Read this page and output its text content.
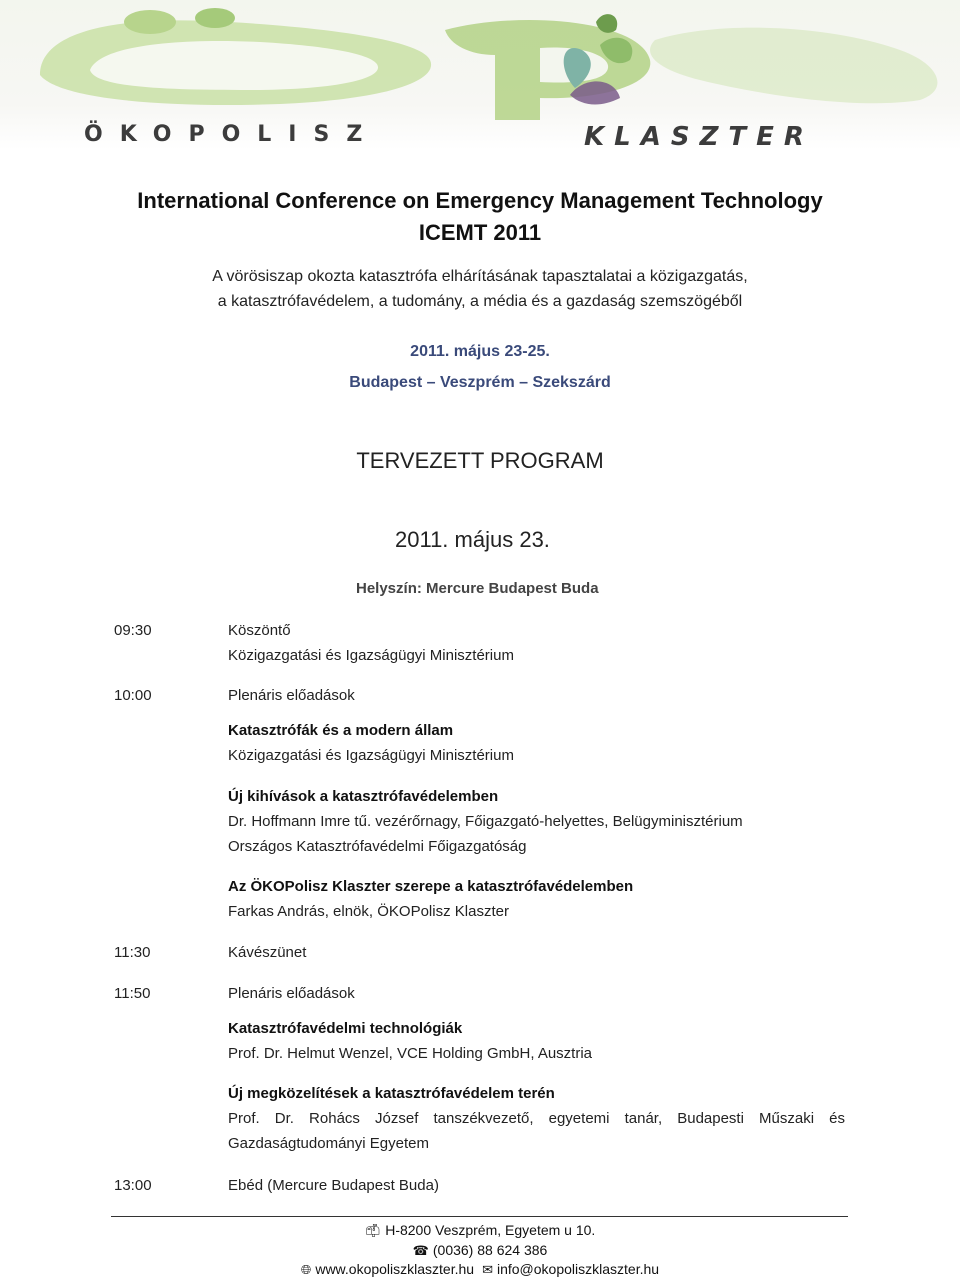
ÖKOPOLISZ	KLASZTER
International Conference on Emergency Management Technology
ICEMT 2011
A vörösiszap okozta katasztrófa elhárításának tapasztalatai a közigazgatás,
a katasztrófavédelem, a tudomány, a média és a gazdaság szemszögéből
2011. május 23-25.
Budapest – Veszprém – Szekszárd
TERVEZETT PROGRAM
2011. május 23.
Helyszín: Mercure Budapest Buda
09:30	Köszöntő
Közigazgatási és Igazságügyi Minisztérium
10:00	Plenáris előadások
Katasztrófák és a modern állam
Közigazgatási és Igazságügyi Minisztérium
Új kihívások a katasztrófavédelemben
Dr. Hoffmann Imre tű. vezérőrnagy, Főigazgató-helyettes, Belügyminisztérium
Országos Katasztrófavédelmi Főigazgatóság
Az ÖKOPolisz Klaszter szerepe a katasztrófavédelemben
Farkas András, elnök, ÖKOPolisz Klaszter
11:30	Kávészünet
11:50	Plenáris előadások
Katasztrófavédelmi technológiák
Prof. Dr. Helmut Wenzel, VCE Holding GmbH, Ausztria
Új megközelítések a katasztrófavédelem terén
Prof. Dr. Rohács József tanszékvezető, egyetemi tanár, Budapesti Műszaki és Gazdaságtudományi Egyetem
13:00	Ebéd (Mercure Budapest Buda)
📫︎ H-8200 Veszprém, Egyetem u 10.
☎ (0036) 88 624 386
🌐︎ www.okopoliszklaszter.hu ✉ info@okopoliszklaszter.hu
